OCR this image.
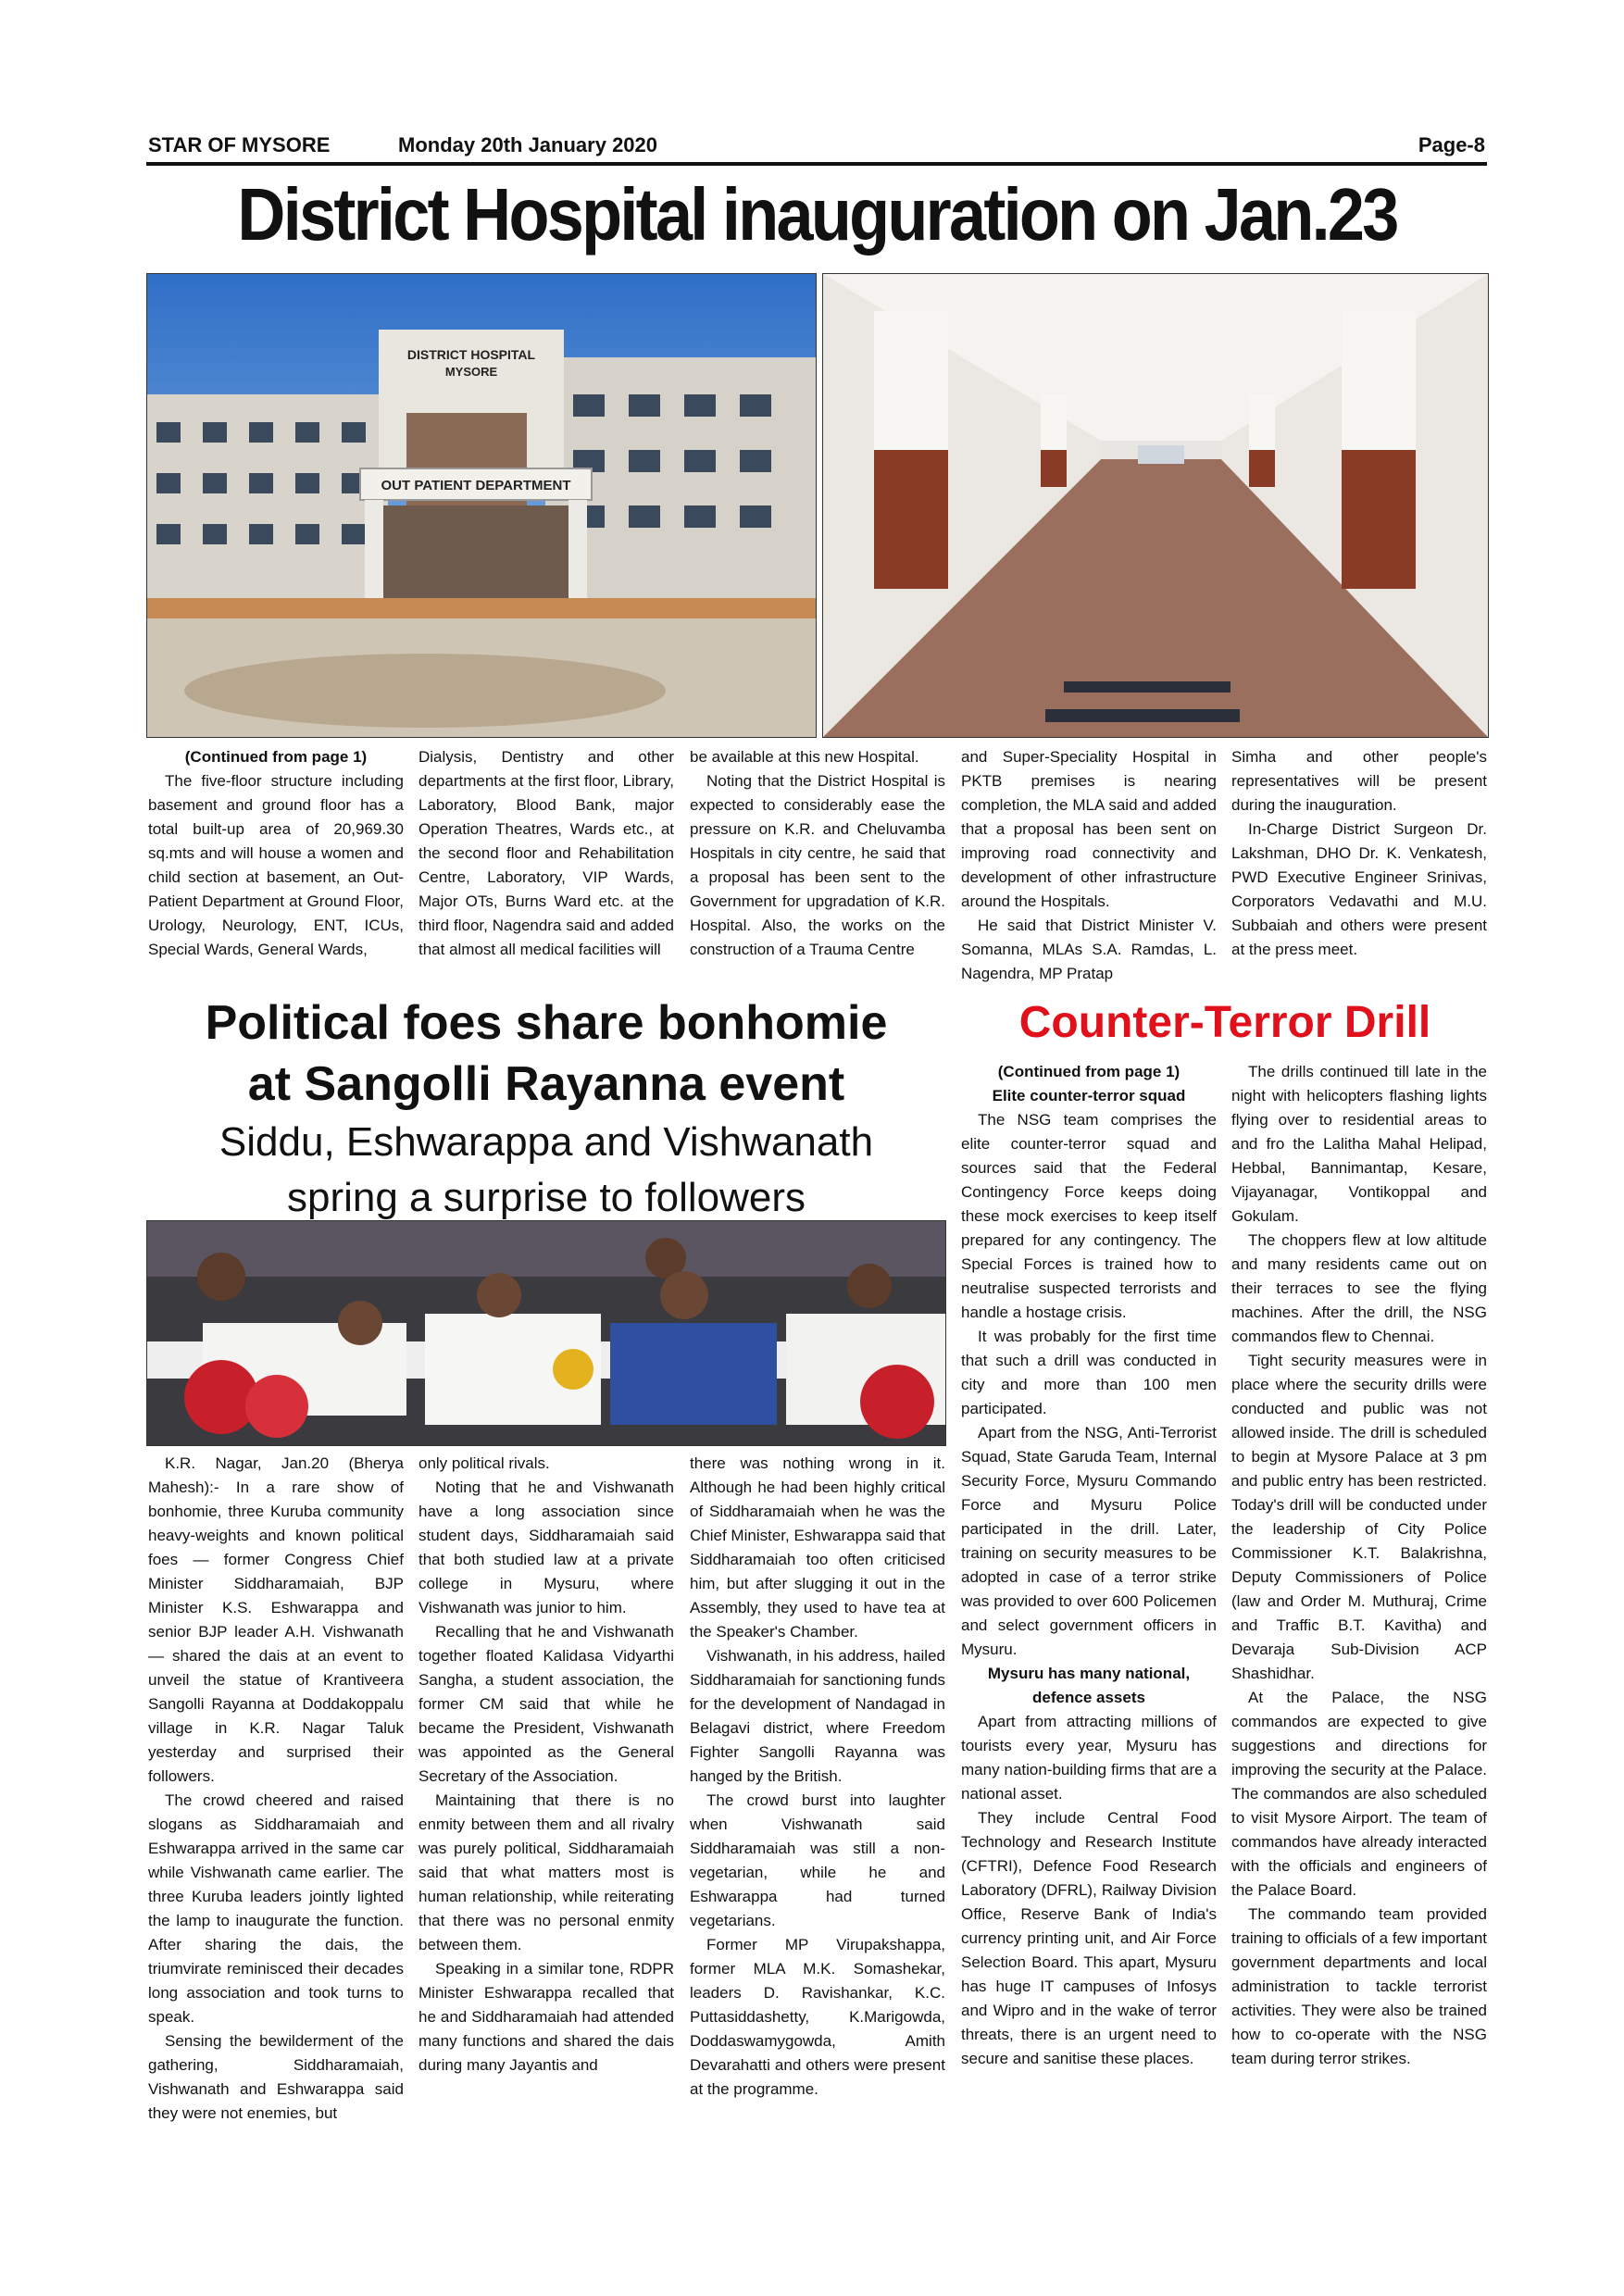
STAR OF MYSORE	Monday 20th January 2020	Page-8
District Hospital inauguration on Jan.23
DISTRICT HOSPITAL
MYSORE
OUT PATIENT DEPARTMENT

(Continued from page 1)

The five-floor structure including basement and ground floor has a total built-up area of 20,969.30 sq.mts and will house a women and child section at basement, an Out-Patient Department at Ground Floor, Urology, Neurology, ENT, ICUs, Special Wards, General Wards,

Dialysis, Dentistry and other departments at the first floor, Library, Laboratory, Blood Bank, major Operation Theatres, Wards etc., at the second floor and Rehabilitation Centre, Laboratory, VIP Wards, Major OTs, Burns Ward etc. at the third floor, Nagendra said and added that almost all medical facilities will

be available at this new Hospital.

Noting that the District Hospital is expected to considerably ease the pressure on K.R. and Cheluvamba Hospitals in city centre, he said that a proposal has been sent to the Government for upgradation of K.R. Hospital. Also, the works on the construction of a Trauma Centre

and Super-Speciality Hospital in PKTB premises is nearing completion, the MLA said and added that a proposal has been sent on improving road connectivity and development of other infrastructure around the Hospitals.

He said that District Minister V. Somanna, MLAs S.A. Ramdas, L. Nagendra, MP Pratap

Simha and other people's representatives will be present during the inauguration.

In-Charge District Surgeon Dr. Lakshman, DHO Dr. K. Venkatesh, PWD Executive Engineer Srinivas, Corporators Vedavathi and M.U. Subbaiah and others were present at the press meet.

Political foes share bonhomie
at Sangolli Rayanna event
Siddu, Eshwarappa and Vishwanath
spring a surprise to followers

K.R. Nagar, Jan.20 (Bherya Mahesh):- In a rare show of bonhomie, three Kuruba community heavy-weights and known political foes — former Congress Chief Minister Siddharamaiah, BJP Minister K.S. Eshwarappa and senior BJP leader A.H. Vishwanath — shared the dais at an event to unveil the statue of Krantiveera Sangolli Rayanna at Doddakoppalu village in K.R. Nagar Taluk yesterday and surprised their followers.

The crowd cheered and raised slogans as Siddharamaiah and Eshwarappa arrived in the same car while Vishwanath came earlier. The three Kuruba leaders jointly lighted the lamp to inaugurate the function. After sharing the dais, the triumvirate reminisced their decades long association and took turns to speak.

Sensing the bewilderment of the gathering, Siddharamaiah, Vishwanath and Eshwarappa said they were not enemies, but

only political rivals.

Noting that he and Vishwanath have a long association since student days, Siddharamaiah said that both studied law at a private college in Mysuru, where Vishwanath was junior to him.

Recalling that he and Vishwanath together floated Kalidasa Vidyarthi Sangha, a student association, the former CM said that while he became the President, Vishwanath was appointed as the General Secretary of the Association.

Maintaining that there is no enmity between them and all rivalry was purely political, Siddharamaiah said that what matters most is human relationship, while reiterating that there was no personal enmity between them.

Speaking in a similar tone, RDPR Minister Eshwarappa recalled that he and Siddharamaiah had attended many functions and shared the dais during many Jayantis and

there was nothing wrong in it. Although he had been highly critical of Siddharamaiah when he was the Chief Minister, Eshwarappa said that Siddharamaiah too often criticised him, but after slugging it out in the Assembly, they used to have tea at the Speaker's Chamber.

Vishwanath, in his address, hailed Siddharamaiah for sanctioning funds for the development of Nandagad in Belagavi district, where Freedom Fighter Sangolli Rayanna was hanged by the British.

The crowd burst into laughter when Vishwanath said Siddharamaiah was still a non-vegetarian, while he and Eshwarappa had turned vegetarians.

Former MP Virupakshappa, former MLA M.K. Somashekar, leaders D. Ravishankar, K.C. Puttasiddashetty, K.Marigowda, Doddaswamygowda, Amith Devarahatti and others were present at the programme.

Counter-Terror Drill

(Continued from page 1)

Elite counter-terror squad

The NSG team comprises the elite counter-terror squad and sources said that the Federal Contingency Force keeps doing these mock exercises to keep itself prepared for any contingency. The Special Forces is trained how to neutralise suspected terrorists and handle a hostage crisis.

It was probably for the first time that such a drill was conducted in city and more than 100 men participated.

Apart from the NSG, Anti-Terrorist Squad, State Garuda Team, Internal Security Force, Mysuru Commando Force and Mysuru Police participated in the drill. Later, training on security measures to be adopted in case of a terror strike was provided to over 600 Policemen and select government officers in Mysuru.

Mysuru has many national, defence assets

Apart from attracting millions of tourists every year, Mysuru has many nation-building firms that are a national asset.

They include Central Food Technology and Research Institute (CFTRI), Defence Food Research Laboratory (DFRL), Railway Division Office, Reserve Bank of India's currency printing unit, and Air Force Selection Board. This apart, Mysuru has huge IT campuses of Infosys and Wipro and in the wake of terror threats, there is an urgent need to secure and sanitise these places.

The drills continued till late in the night with helicopters flashing lights flying over to residential areas to and fro the Lalitha Mahal Helipad, Hebbal, Bannimantap, Kesare, Vijayanagar, Vontikoppal and Gokulam.

The choppers flew at low altitude and many residents came out on their terraces to see the flying machines. After the drill, the NSG commandos flew to Chennai.

Tight security measures were in place where the security drills were conducted and public was not allowed inside. The drill is scheduled to begin at Mysore Palace at 3 pm and public entry has been restricted. Today's drill will be conducted under the leadership of City Police Commissioner K.T. Balakrishna, Deputy Commissioners of Police (law and Order M. Muthuraj, Crime and Traffic B.T. Kavitha) and Devaraja Sub-Division ACP Shashidhar.

At the Palace, the NSG commandos are expected to give suggestions and directions for improving the security at the Palace. The commandos are also scheduled to visit Mysore Airport. The team of commandos have already interacted with the officials and engineers of the Palace Board.

The commando team provided training to officials of a few important government departments and local administration to tackle terrorist activities. They were also be trained how to co-operate with the NSG team during terror strikes.
